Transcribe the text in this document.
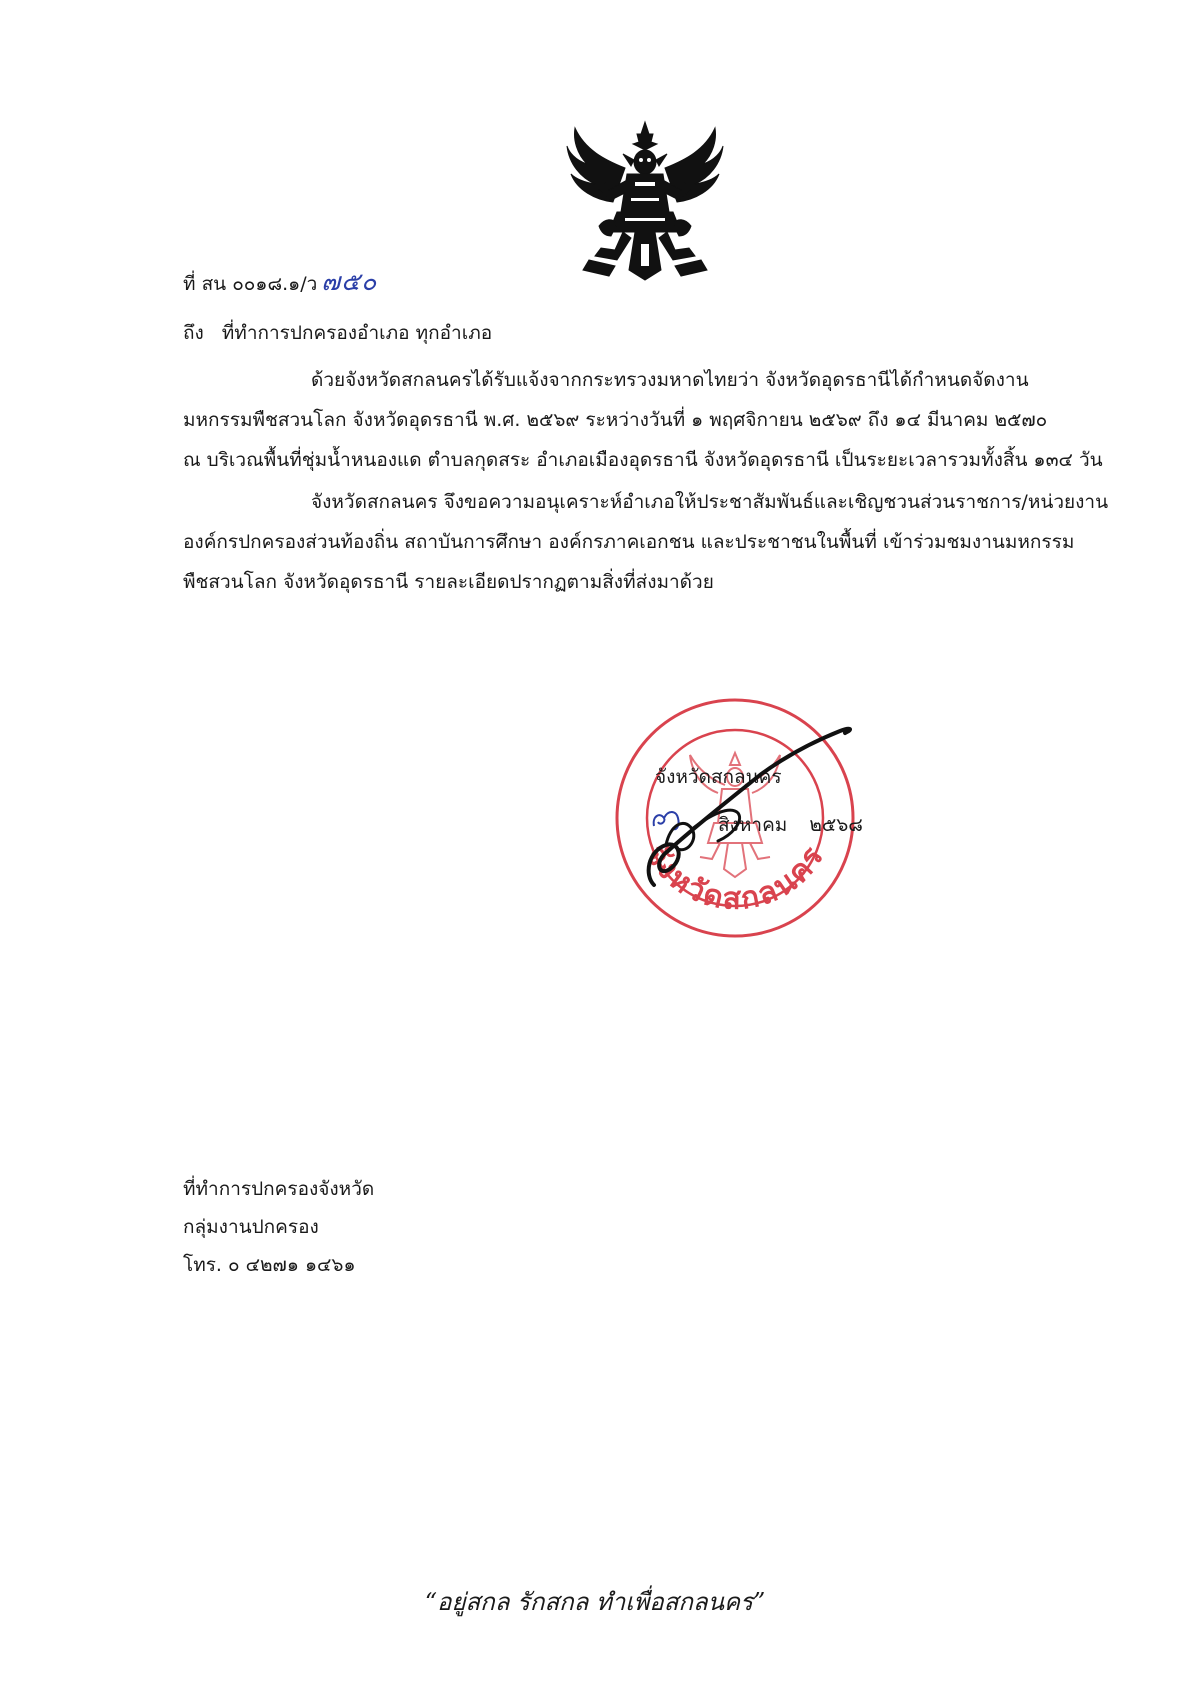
ที่ สน ๐๐๑๘.๑/ว ๗๕๐
ถึง ที่ทำการปกครองอำเภอ ทุกอำเภอ
ด้วยจังหวัดสกลนครได้รับแจ้งจากกระทรวงมหาดไทยว่า จังหวัดอุดรธานีได้กำหนดจัดงาน
มหกรรมพืชสวนโลก จังหวัดอุดรธานี พ.ศ. ๒๕๖๙ ระหว่างวันที่ ๑ พฤศจิกายน ๒๕๖๙ ถึง ๑๔ มีนาคม ๒๕๗๐
ณ บริเวณพื้นที่ชุ่มน้ำหนองแด ตำบลกุดสระ อำเภอเมืองอุดรธานี จังหวัดอุดรธานี เป็นระยะเวลารวมทั้งสิ้น ๑๓๔ วัน
จังหวัดสกลนคร จึงขอความอนุเคราะห์อำเภอให้ประชาสัมพันธ์และเชิญชวนส่วนราชการ/หน่วยงาน
องค์กรปกครองส่วนท้องถิ่น สถาบันการศึกษา องค์กรภาคเอกชน และประชาชนในพื้นที่ เข้าร่วมชมงานมหกรรม
พืชสวนโลก จังหวัดอุดรธานี รายละเอียดปรากฏตามสิ่งที่ส่งมาด้วย
จังหวัดสกลนคร
จังหวัดสกลนคร
สิงหาคม ๒๕๖๘
ที่ทำการปกครองจังหวัด
กลุ่มงานปกครอง
โทร. ๐ ๔๒๗๑ ๑๔๖๑
“อยู่สกล รักสกล ทำเพื่อสกลนคร”
